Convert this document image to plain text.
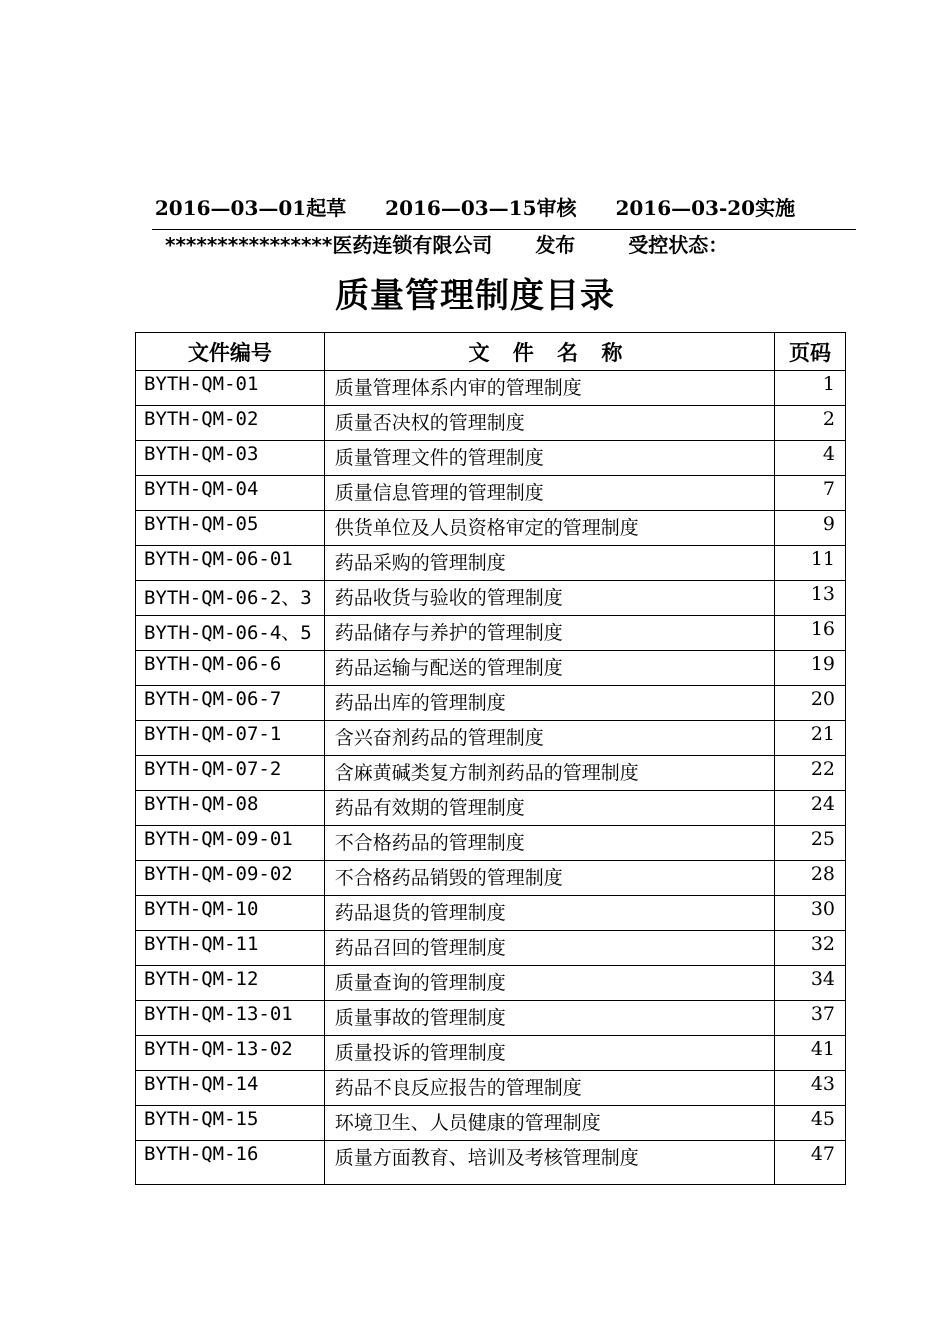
2016—03—01起草 2016—03—15审核 2016—03-20实施
****************医药连锁有限公司 发布	受控状态：
质量管理制度目录
文件编号	文 件 名 称	页码
BYTH-QM-01	质量管理体系内审的管理制度	1
BYTH-QM-02	质量否决权的管理制度	2
BYTH-QM-03	质量管理文件的管理制度	4
BYTH-QM-04	质量信息管理的管理制度	7
BYTH-QM-05	供货单位及人员资格审定的管理制度	9
BYTH-QM-06-01	药品采购的管理制度	11
BYTH-QM-06-2、3	药品收货与验收的管理制度	13
BYTH-QM-06-4、5	药品储存与养护的管理制度	16
BYTH-QM-06-6	药品运输与配送的管理制度	19
BYTH-QM-06-7	药品出库的管理制度	20
BYTH-QM-07-1	含兴奋剂药品的管理制度	21
BYTH-QM-07-2	含麻黄碱类复方制剂药品的管理制度	22
BYTH-QM-08	药品有效期的管理制度	24
BYTH-QM-09-01	不合格药品的管理制度	25
BYTH-QM-09-02	不合格药品销毁的管理制度	28
BYTH-QM-10	药品退货的管理制度	30
BYTH-QM-11	药品召回的管理制度	32
BYTH-QM-12	质量查询的管理制度	34
BYTH-QM-13-01	质量事故的管理制度	37
BYTH-QM-13-02	质量投诉的管理制度	41
BYTH-QM-14	药品不良反应报告的管理制度	43
BYTH-QM-15	环境卫生、人员健康的管理制度	45
BYTH-QM-16	质量方面教育、培训及考核管理制度	47
